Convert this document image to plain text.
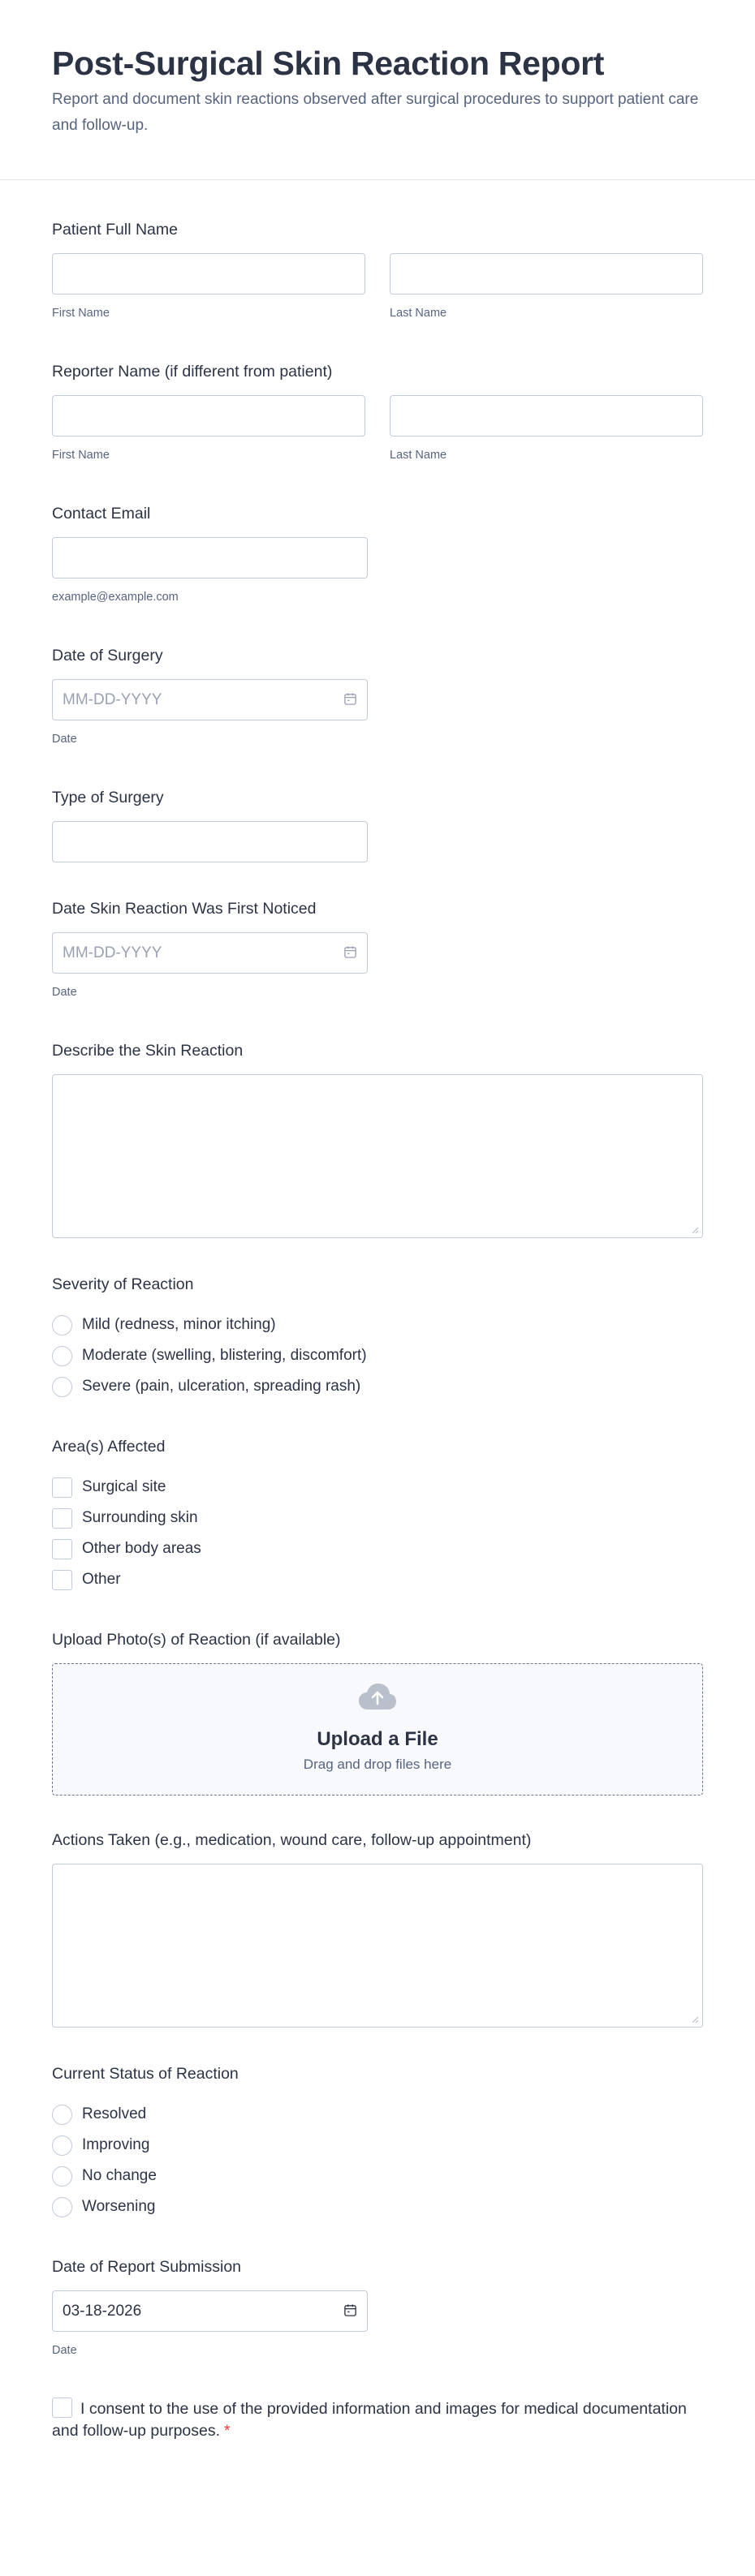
Post-Surgical Skin Reaction Report

Report and document skin reactions observed after surgical procedures to support patient care and follow-up.

Patient Full Name
First Name	Last Name
Reporter Name (if different from patient)
First Name	Last Name
Contact Email
example@example.com
Date of Surgery
MM-DD-YYYY
Date
Type of Surgery
Date Skin Reaction Was First Noticed
MM-DD-YYYY
Date
Describe the Skin Reaction
Severity of Reaction
Mild (redness, minor itching)
Moderate (swelling, blistering, discomfort)
Severe (pain, ulceration, spreading rash)
Area(s) Affected
Surgical site
Surrounding skin
Other body areas
Other
Upload Photo(s) of Reaction (if available)
Upload a File
Drag and drop files here
Actions Taken (e.g., medication, wound care, follow-up appointment)
Current Status of Reaction
Resolved
Improving
No change
Worsening
Date of Report Submission
03-18-2026
Date
I consent to the use of the provided information and images for medical documentation and follow-up purposes. *
